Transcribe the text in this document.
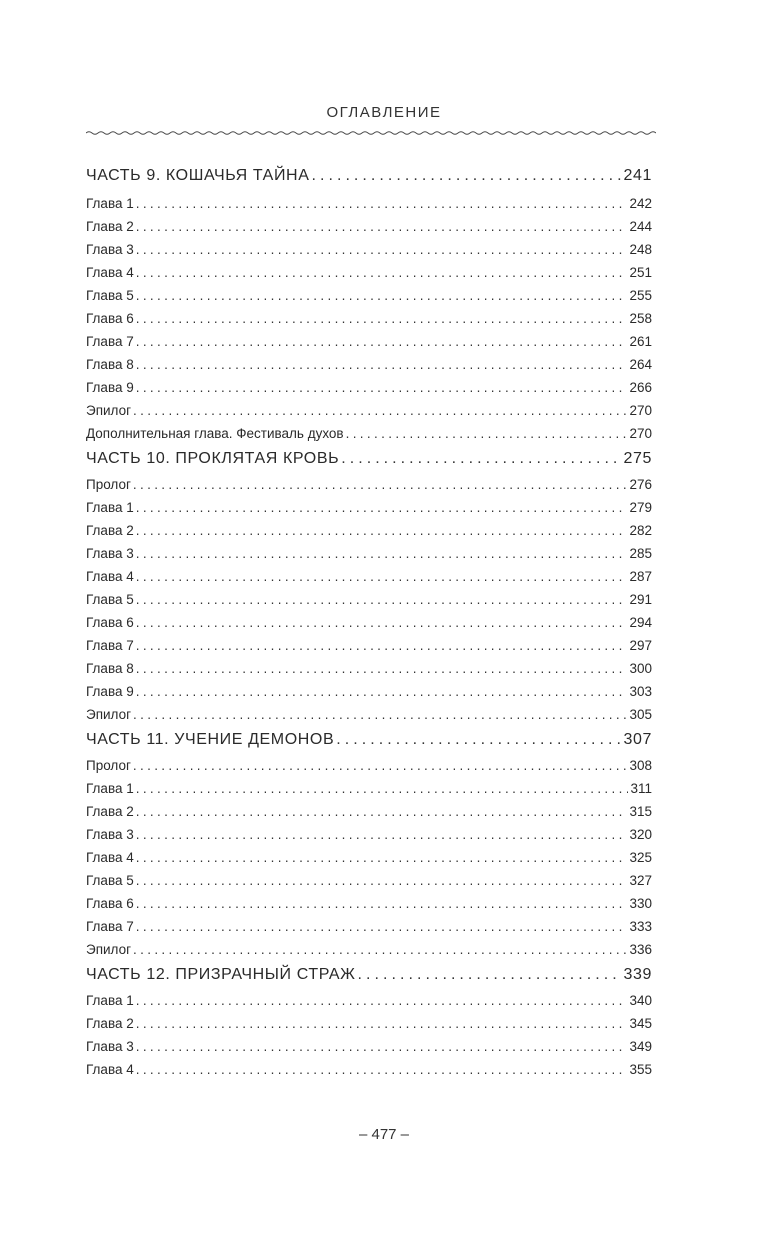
ОГЛАВЛЕНИЕ
ЧАСТЬ 9. КОШАЧЬЯ ТАЙНА . . .	241
Глава 1 . . .	242
Глава 2 . . .	244
Глава 3 . . .	248
Глава 4 . . .	251
Глава 5 . . .	255
Глава 6 . . .	258
Глава 7 . . .	261
Глава 8 . . .	264
Глава 9 . . .	266
Эпилог . . .	270
Дополнительная глава. Фестиваль духов . . .	270
ЧАСТЬ 10. ПРОКЛЯТАЯ КРОВЬ . . .	275
Пролог . . .	276
Глава 1 . . .	279
Глава 2 . . .	282
Глава 3 . . .	285
Глава 4 . . .	287
Глава 5 . . .	291
Глава 6 . . .	294
Глава 7 . . .	297
Глава 8 . . .	300
Глава 9 . . .	303
Эпилог . . .	305
ЧАСТЬ 11. УЧЕНИЕ ДЕМОНОВ . . .	307
Пролог . . .	308
Глава 1 . . .	311
Глава 2 . . .	315
Глава 3 . . .	320
Глава 4 . . .	325
Глава 5 . . .	327
Глава 6 . . .	330
Глава 7 . . .	333
Эпилог . . .	336
ЧАСТЬ 12. ПРИЗРАЧНЫЙ СТРАЖ . . .	339
Глава 1 . . .	340
Глава 2 . . .	345
Глава 3 . . .	349
Глава 4 . . .	355
– 477 –
